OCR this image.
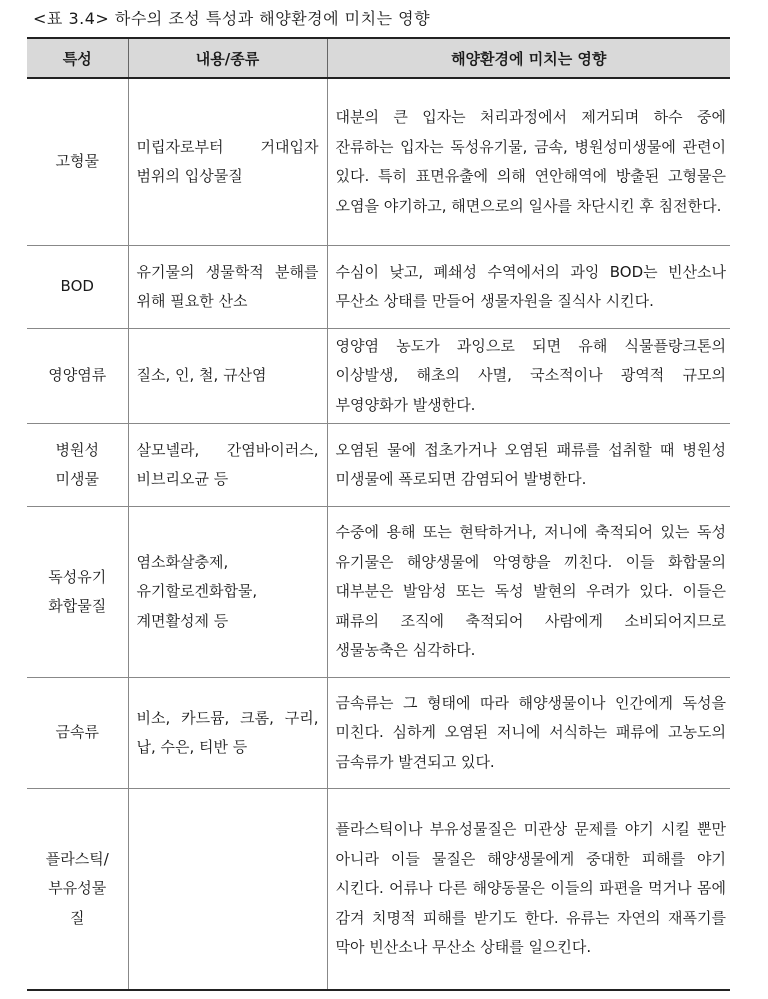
<표 3.4> 하수의 조성 특성과 해양환경에 미치는 영향
특성	내용/종류	해양환경에 미치는 영향

고형물	미립자로부터 거대입자 범위의 입상물질	대분의 큰 입자는 처리과정에서 제거되며 하수 중에 잔류하는 입자는 독성유기물, 금속, 병원성미생물에 관련이 있다. 특히 표면유출에 의해 연안해역에 방출된 고형물은 오염을 야기하고, 해면으로의 일사를 차단시킨 후 침전한다.

BOD	유기물의 생물학적 분해를 위해 필요한 산소	수심이 낮고, 폐쇄성 수역에서의 과잉 BOD는 빈산소나 무산소 상태를 만들어 생물자원을 질식사 시킨다.

영양염류	질소, 인, 철, 규산염	영양염 농도가 과잉으로 되면 유해 식물플랑크톤의 이상발생, 해초의 사멸, 국소적이나 광역적 규모의 부영양화가 발생한다.

병원성
미생물	살모넬라, 간염바이러스, 비브리오균 등	오염된 물에 접초가거나 오염된 패류를 섭취할 때 병원성 미생물에 폭로되면 감염되어 발병한다.

독성유기
화합물질	염소화살충제, 유기할로겐화합물, 계면활성제 등	수중에 용해 또는 현탁하거나, 저니에 축적되어 있는 독성 유기물은 해양생물에 악영향을 끼친다. 이들 화합물의 대부분은 발암성 또는 독성 발현의 우려가 있다. 이들은 패류의 조직에 축적되어 사람에게 소비되어지므로 생물농축은 심각하다.

금속류	비소, 카드뮴, 크롬, 구리, 납, 수은, 티반 등	금속류는 그 형태에 따라 해양생물이나 인간에게 독성을 미친다. 심하게 오염된 저니에 서식하는 패류에 고농도의 금속류가 발견되고 있다.

플라스틱/
부유성물
질		플라스틱이나 부유성물질은 미관상 문제를 야기 시킬 뿐만 아니라 이들 물질은 해양생물에게 중대한 피해를 야기 시킨다. 어류나 다른 해양동물은 이들의 파편을 먹거나 몸에 감겨 치명적 피해를 받기도 한다. 유류는 자연의 재폭기를 막아 빈산소나 무산소 상태를 일으킨다.
